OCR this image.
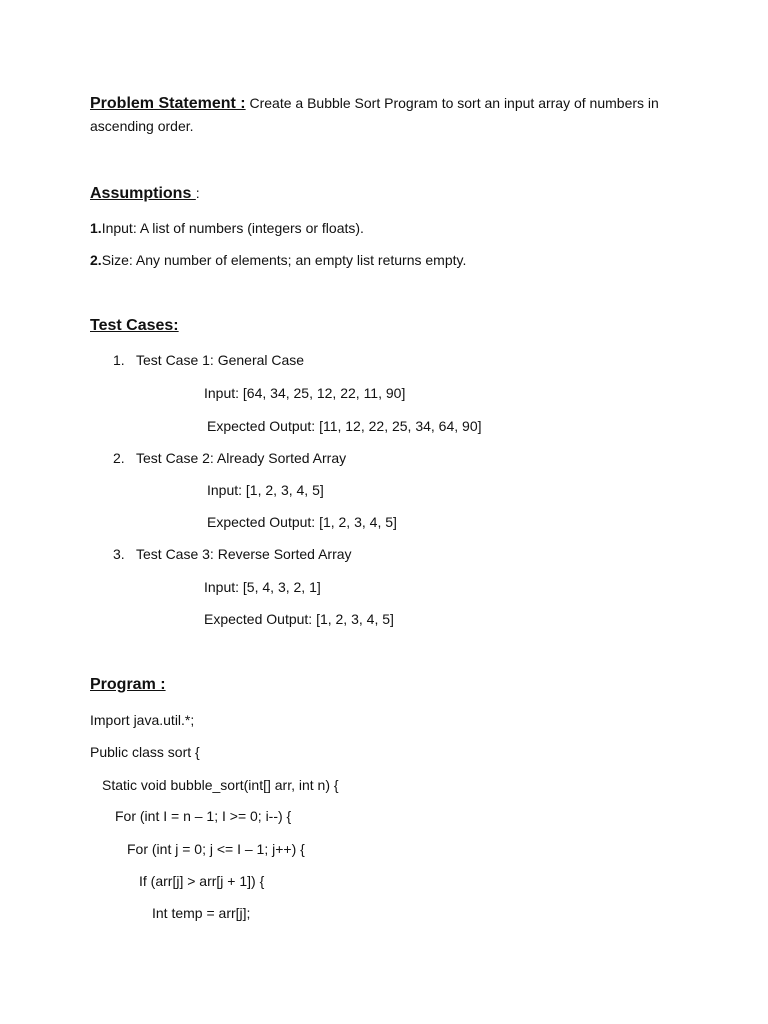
Problem Statement : Create a Bubble Sort Program to sort an input array of numbers in ascending order.
Assumptions :
1.Input: A list of numbers (integers or floats).
2.Size: Any number of elements; an empty list returns empty.
Test Cases:
1. Test Case 1: General Case
Input: [64, 34, 25, 12, 22, 11, 90]
Expected Output: [11, 12, 22, 25, 34, 64, 90]
2. Test Case 2: Already Sorted Array
Input: [1, 2, 3, 4, 5]
Expected Output: [1, 2, 3, 4, 5]
3. Test Case 3: Reverse Sorted Array
Input: [5, 4, 3, 2, 1]
Expected Output: [1, 2, 3, 4, 5]
Program :
Import java.util.*;
Public class sort {
Static void bubble_sort(int[] arr, int n) {
For (int I = n – 1; I >= 0; i--) {
For (int j = 0; j <= I – 1; j++) {
If (arr[j] > arr[j + 1]) {
Int temp = arr[j];
